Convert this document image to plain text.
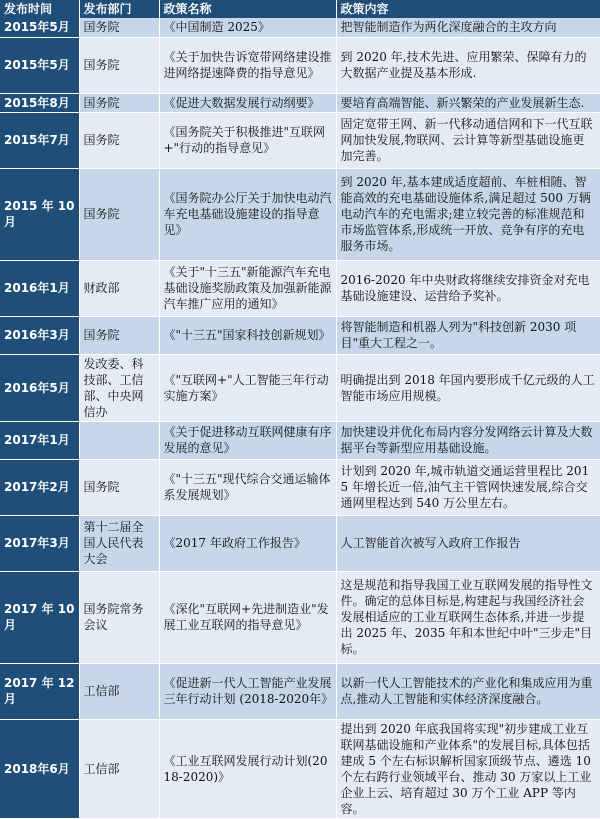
发布时间	发布部门	政策名称	政策内容
2015年5月	国务院	《中国制造 2025》	把智能制造作为两化深度融合的主攻方向
2015年5月	国务院	《关于加快告诉宽带网络建设推进网络提速降费的指导意见》	到 2020 年,技术先进、应用繁荣、保障有力的大数据产业提及基本形成.
2015年8月	国务院	《促进大数据发展行动纲要》	要培育高端智能、新兴繁荣的产业发展新生态.
2015年7月	国务院	《国务院关于积极推进"互联网+"行动的指导意见》	固定宽带王网、新一代移动通信网和下一代互联网加快发展,物联网、云计算等新型基础设施更加完善。
2015 年 10 月	国务院	《国务院办公厅关于加快电动汽车充电基础设施建设的指导意见》	到 2020 年,基本建成适度超前、车桩相随、智能高效的充电基础设施体系,满足超过 500 万辆电动汽车的充电需求;建立较完善的标准规范和市场监管体系,形成统一开放、竞争有序的充电服务市场。
2016年1月	财政部	《关于"十三五"新能源汽车充电基础设施奖励政策及加强新能源汽车推广应用的通知》	2016-2020 年中央财政将继续安排资金对充电基础设施建设、运营给予奖补。
2016年3月	国务院	《"十三五"国家科技创新规划》	将智能制造和机器人列为"科技创新 2030 项目"重大工程之一。
2016年5月	发改委、科技部、工信部、中央网信办	《"互联网+"人工智能三年行动实施方案》	明确提出到 2018 年国内要形成千亿元级的人工智能市场应用规模。
2017年1月		《关于促进移动互联网健康有序发展的意见》	加快建设并优化布局内容分发网络云计算及大数据平台等新型应用基础设施。
2017年2月	国务院	《"十三五"现代综合交通运输体系发展规划》	计划到 2020 年,城市轨道交通运营里程比 2015 年增长近一倍,油气主干管网快速发展,综合交通网里程达到 540 万公里左右。
2017年3月	第十二届全国人民代表大会	《2017 年政府工作报告》	人工智能首次被写入政府工作报告
2017 年 10 月	国务院常务会议	《深化"互联网+先进制造业"发展工业互联网的指导意见》	这是规范和指导我国工业互联网发展的指导性文件。确定的总体目标是,构建起与我国经济社会发展相适应的工业互联网生态体系,并进一步提出 2025 年、2035 年和本世纪中叶"三步走"目标。
2017 年 12 月	工信部	《促进新一代人工智能产业发展三年行动计划 (2018-2020年》	以新一代人工智能技术的产业化和集成应用为重点,推动人工智能和实体经济深度融合。
2018年6月	工信部	《工业互联网发展行动计划(2018-2020)》	提出到 2020 年底我国将实现"初步建成工业互联网基础设施和产业体系"的发展目标,具体包括建成 5 个左右标识解析国家顶级节点、遴选 10 个左右跨行业领域平台、推动 30 万家以上工业企业上云、培育超过 30 万个工业 APP 等内容。
